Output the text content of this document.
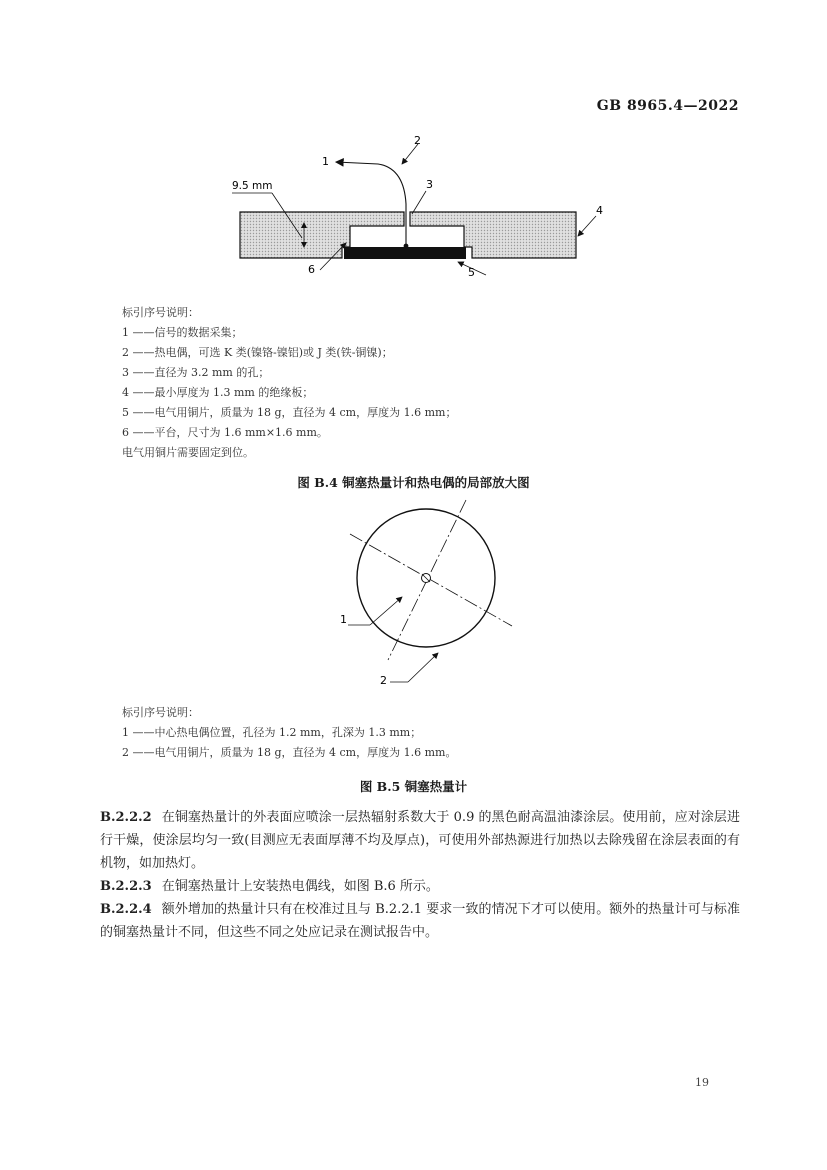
GB 8965.4—2022
1
2
3
4
5
6
9.5 mm
标引序号说明：
1 ——信号的数据采集；
2 ——热电偶，可选 K 类(镍铬-镍铝)或 J 类(铁-铜镍)；
3 ——直径为 3.2 mm 的孔；
4 ——最小厚度为 1.3 mm 的绝缘板；
5 ——电气用铜片，质量为 18 g，直径为 4 cm，厚度为 1.6 mm；
6 ——平台，尺寸为 1.6 mm×1.6 mm。
电气用铜片需要固定到位。
图 B.4 铜塞热量计和热电偶的局部放大图
1
2
标引序号说明：
1 ——中心热电偶位置，孔径为 1.2 mm，孔深为 1.3 mm；
2 ——电气用铜片，质量为 18 g，直径为 4 cm，厚度为 1.6 mm。
图 B.5 铜塞热量计

B.2.2.2 在铜塞热量计的外表面应喷涂一层热辐射系数大于 0.9 的黑色耐高温油漆涂层。使用前，应对涂层进行干燥，使涂层均匀一致(目测应无表面厚薄不均及厚点)，可使用外部热源进行加热以去除残留在涂层表面的有机物，如加热灯。

B.2.2.3 在铜塞热量计上安装热电偶线，如图 B.6 所示。

B.2.2.4 额外增加的热量计只有在校准过且与 B.2.2.1 要求一致的情况下才可以使用。额外的热量计可与标准的铜塞热量计不同，但这些不同之处应记录在测试报告中。

19
